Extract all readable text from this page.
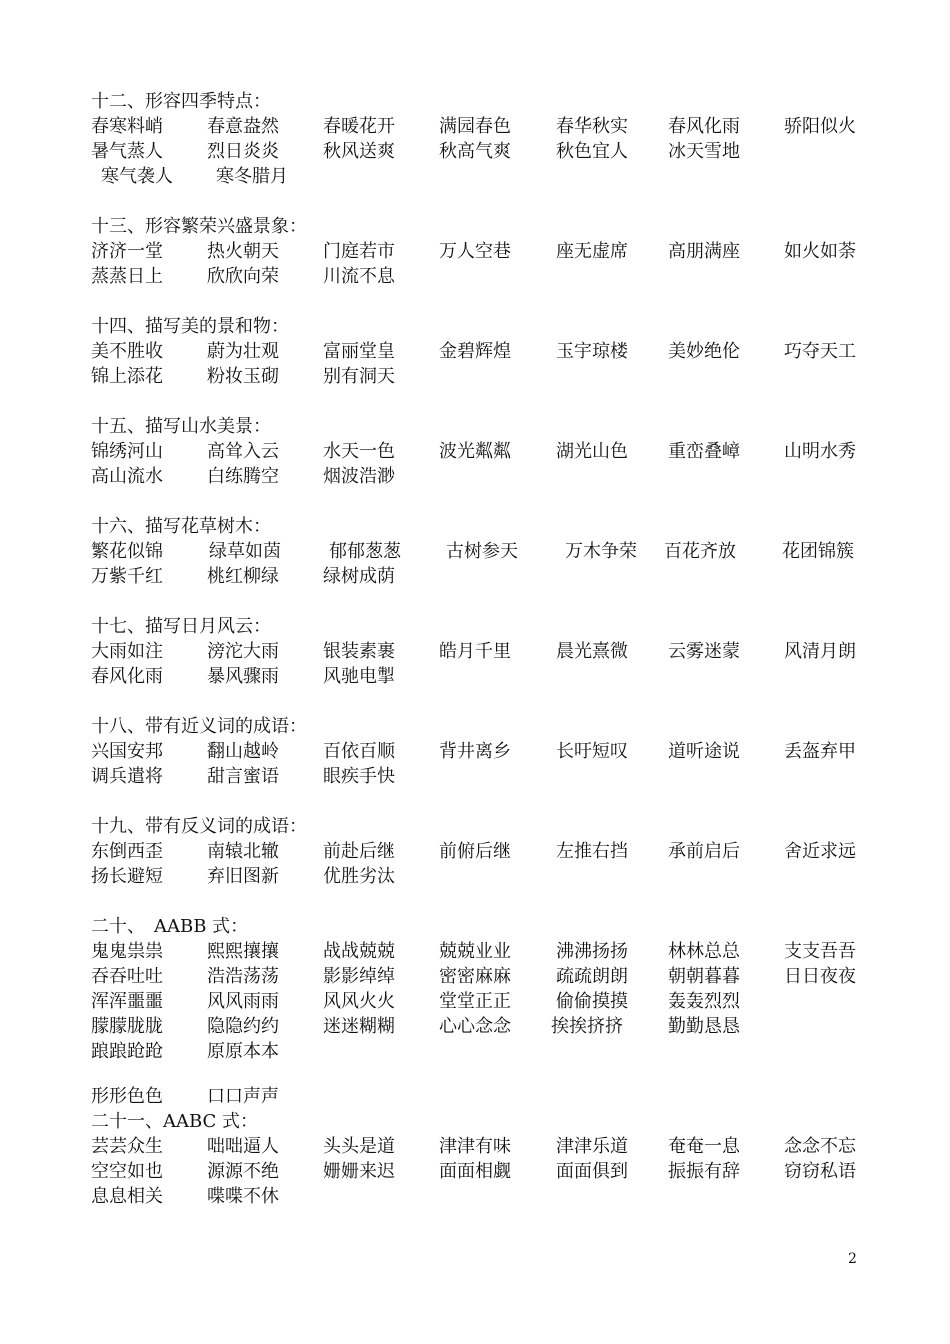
十二、形容四季特点：
春寒料峭 春意盎然 春暖花开 满园春色	春华秋实 春风化雨 骄阳似火
暑气蒸人 烈日炎炎 秋风送爽 秋高气爽	秋色宜人 冰天雪地
寒气袭人 寒冬腊月
十三、形容繁荣兴盛景象：
济济一堂 热火朝天 门庭若市 万人空巷	座无虚席 高朋满座 如火如荼
蒸蒸日上 欣欣向荣 川流不息
十四、描写美的景和物：
美不胜收 蔚为壮观 富丽堂皇 金碧辉煌	玉宇琼楼 美妙绝伦 巧夺天工
锦上添花 粉妆玉砌 别有洞天
十五、描写山水美景：
锦绣河山 高耸入云 水天一色 波光粼粼	湖光山色 重峦叠嶂 山明水秀
高山流水 白练腾空 烟波浩渺
十六、描写花草树木：
繁花似锦	绿草如茵	郁郁葱葱	古树参天	万木争荣 百花齐放	花团锦簇
万紫千红 桃红柳绿 绿树成荫
十七、描写日月风云：
大雨如注 滂沱大雨 银装素裹 皓月千里	晨光熹微 云雾迷蒙 风清月朗
春风化雨 暴风骤雨 风驰电掣
十八、带有近义词的成语：
兴国安邦 翻山越岭 百依百顺 背井离乡	长吁短叹 道听途说 丢盔弃甲
调兵遣将 甜言蜜语 眼疾手快
十九、带有反义词的成语：
东倒西歪 南辕北辙 前赴后继 前俯后继	左推右挡 承前启后 舍近求远
扬长避短 弃旧图新 优胜劣汰
二十、　AABB 式：
鬼鬼祟祟 熙熙攘攘 战战兢兢 兢兢业业	沸沸扬扬 林林总总 支支吾吾
吞吞吐吐 浩浩荡荡 影影绰绰 密密麻麻	疏疏朗朗 朝朝暮暮 日日夜夜
浑浑噩噩 风风雨雨 风风火火 堂堂正正	偷偷摸摸 轰轰烈烈
朦朦胧胧 隐隐约约 迷迷糊糊 心心念念 挨挨挤挤	勤勤恳恳
踉踉跄跄 原原本本
形形色色 口口声声
二十一、AABC 式：
芸芸众生 咄咄逼人 头头是道 津津有味	津津乐道 奄奄一息 念念不忘
空空如也 源源不绝 姗姗来迟 面面相觑	面面俱到 振振有辞 窃窃私语
息息相关 喋喋不休
2
